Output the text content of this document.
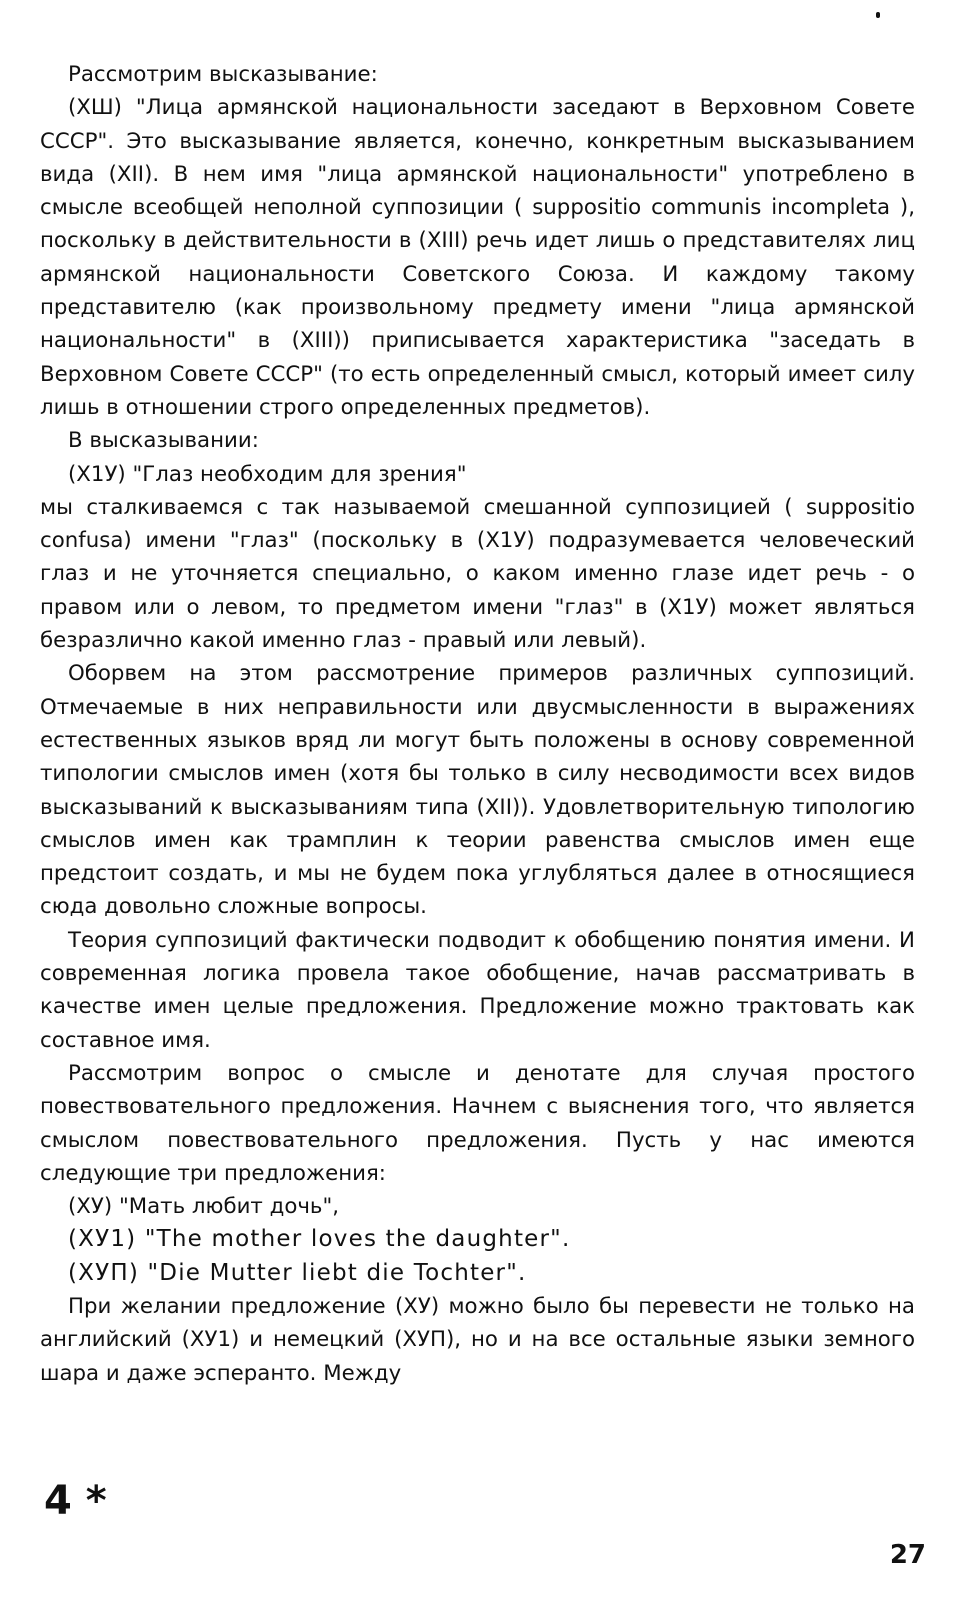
Рассмотрим высказывание:

(ХШ) "Лица армянской национальности заседают в Верховном Совете СССР". Это высказывание является, конечно, конкретным высказыванием вида (XII). В нем имя "лица армянской национальности" употреблено в смысле всеобщей неполной суппозиции ( suppositio communis incompleta ), поскольку в действительности в (XIII) речь идет лишь о представителях лиц армянской национальности Советского Союза. И каждому такому представителю (как произвольному предмету имени "лица армянской национальности" в (XIII)) приписывается характеристика "заседать в Верховном Совете СССР" (то есть определенный смысл, который имеет силу лишь в отношении строго определенных предметов).

В высказывании:

(X1У) "Глаз необходим для зрения"

мы сталкиваемся с так называемой смешанной суппозицией ( suppositio confusa) имени "глаз" (поскольку в (X1У) подразумевается человеческий глаз и не уточняется специально, о каком именно глазе идет речь - о правом или о левом, то предметом имени "глаз" в (X1У) может являться безразлично какой именно глаз - правый или левый).

Оборвем на этом рассмотрение примеров различных суппозиций. Отмечаемые в них неправильности или двусмысленности в выражениях естественных языков вряд ли могут быть положены в основу современной типологии смыслов имен (хотя бы только в силу несводимости всех видов высказываний к высказываниям типа (XII)). Удовлетворительную типологию смыслов имен как трамплин к теории равенства смыслов имен еще предстоит создать, и мы не будем пока углубляться далее в относящиеся сюда довольно сложные вопросы.

Теория суппозиций фактически подводит к обобщению понятия имени. И современная логика провела такое обобщение, начав рассматривать в качестве имен целые предложения. Предложение можно трактовать как составное имя.

Рассмотрим вопрос о смысле и денотате для случая простого повествовательного предложения. Начнем с выяснения того, что является смыслом повествовательного предложения. Пусть у нас имеются следующие три предложения:

(ХУ) "Мать любит дочь",

(ХУ1) "The mother loves the daughter".

(ХУП) "Die Mutter liebt die Tochter".

При желании предложение (ХУ) можно было бы перевести не только на английский (ХУ1) и немецкий (ХУП), но и на все остальные языки земного шара и даже эсперанто. Между

4 *
27
